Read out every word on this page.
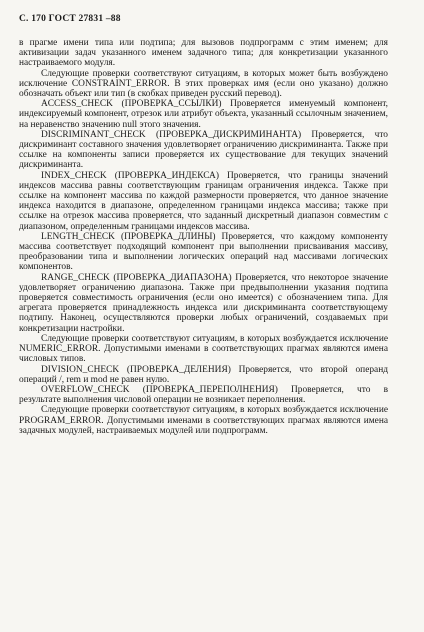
С. 170 ГОСТ 27831 –88

в прагме имени типа или подтипа; для вызовов подпрограмм с этим именем; для активизации задач указанного именем задачного типа; для конкретизации указанного настраиваемого модуля.

Следующие проверки соответствуют ситуациям, в которых может быть возбуждено исключение CONSTRAINT_ERROR. В этих проверках имя (если оно указано) должно обозначать объект или тип (в скобках приведен русский перевод).

ACCESS_CHECK (ПРОВЕРКА_ССЫЛКИ) Проверяется именуемый компонент, индексируемый компонент, отрезок или атрибут объекта, указанный ссылочным значением, на неравенство значению null этого значения.

DISCRIMINANT_CHECK (ПРОВЕРКА_ДИСКРИМИНАНТА) Проверяется, что дискриминант составного значения удовлетворяет ограничению дискриминанта. Также при ссылке на компоненты записи проверяется их существование для текущих значений дискриминанта.

INDEX_CHECK (ПРОВЕРКА_ИНДЕКСА) Проверяется, что границы значений индексов массива равны соответствующим границам ограничения индекса. Также при ссылке на компонент массива по каждой размерности проверяется, что данное значение индекса находится в диапазоне, определенном границами индекса массива; также при ссылке на отрезок массива проверяется, что заданный дискретный диапазон совместим с диапазоном, определенным границами индексов массива.

LENGTH_CHECK (ПРОВЕРКА_ДЛИНЫ) Проверяется, что каждому компоненту массива соответствует подходящий компонент при выполнении присваивания массиву, преобразовании типа и выполнении логических операций над массивами логических компонентов.

RANGE_CHECK (ПРОВЕРКА_ДИАПАЗОНА) Проверяется, что некоторое значение удовлетворяет ограничению диапазона. Также при предвыполнении указания подтипа проверяется совместимость ограничения (если оно имеется) с обозначением типа. Для агрегата проверяется принадлежность индекса или дискриминанта соответствующему подтипу. Наконец, осуществляются проверки любых ограничений, создаваемых при конкретизации настройки.

Следующие проверки соответствуют ситуациям, в которых возбуждается исключение NUMERIC_ERROR. Допустимыми именами в соответствующих прагмах являются имена числовых типов.

DIVISION_CHECK (ПРОВЕРКА_ДЕЛЕНИЯ) Проверяется, что второй операнд операций /, rem и mod не равен нулю.

OVERFLOW_CHECK (ПРОВЕРКА_ПЕРЕПОЛНЕНИЯ) Проверяется, что в результате выполнения числовой операции не возникает переполнения.

Следующие проверки соответствуют ситуациям, в которых возбуждается исключение PROGRAM_ERROR. Допустимыми именами в соответствующих прагмах являются имена задачных модулей, настраиваемых модулей или подпрограмм.
